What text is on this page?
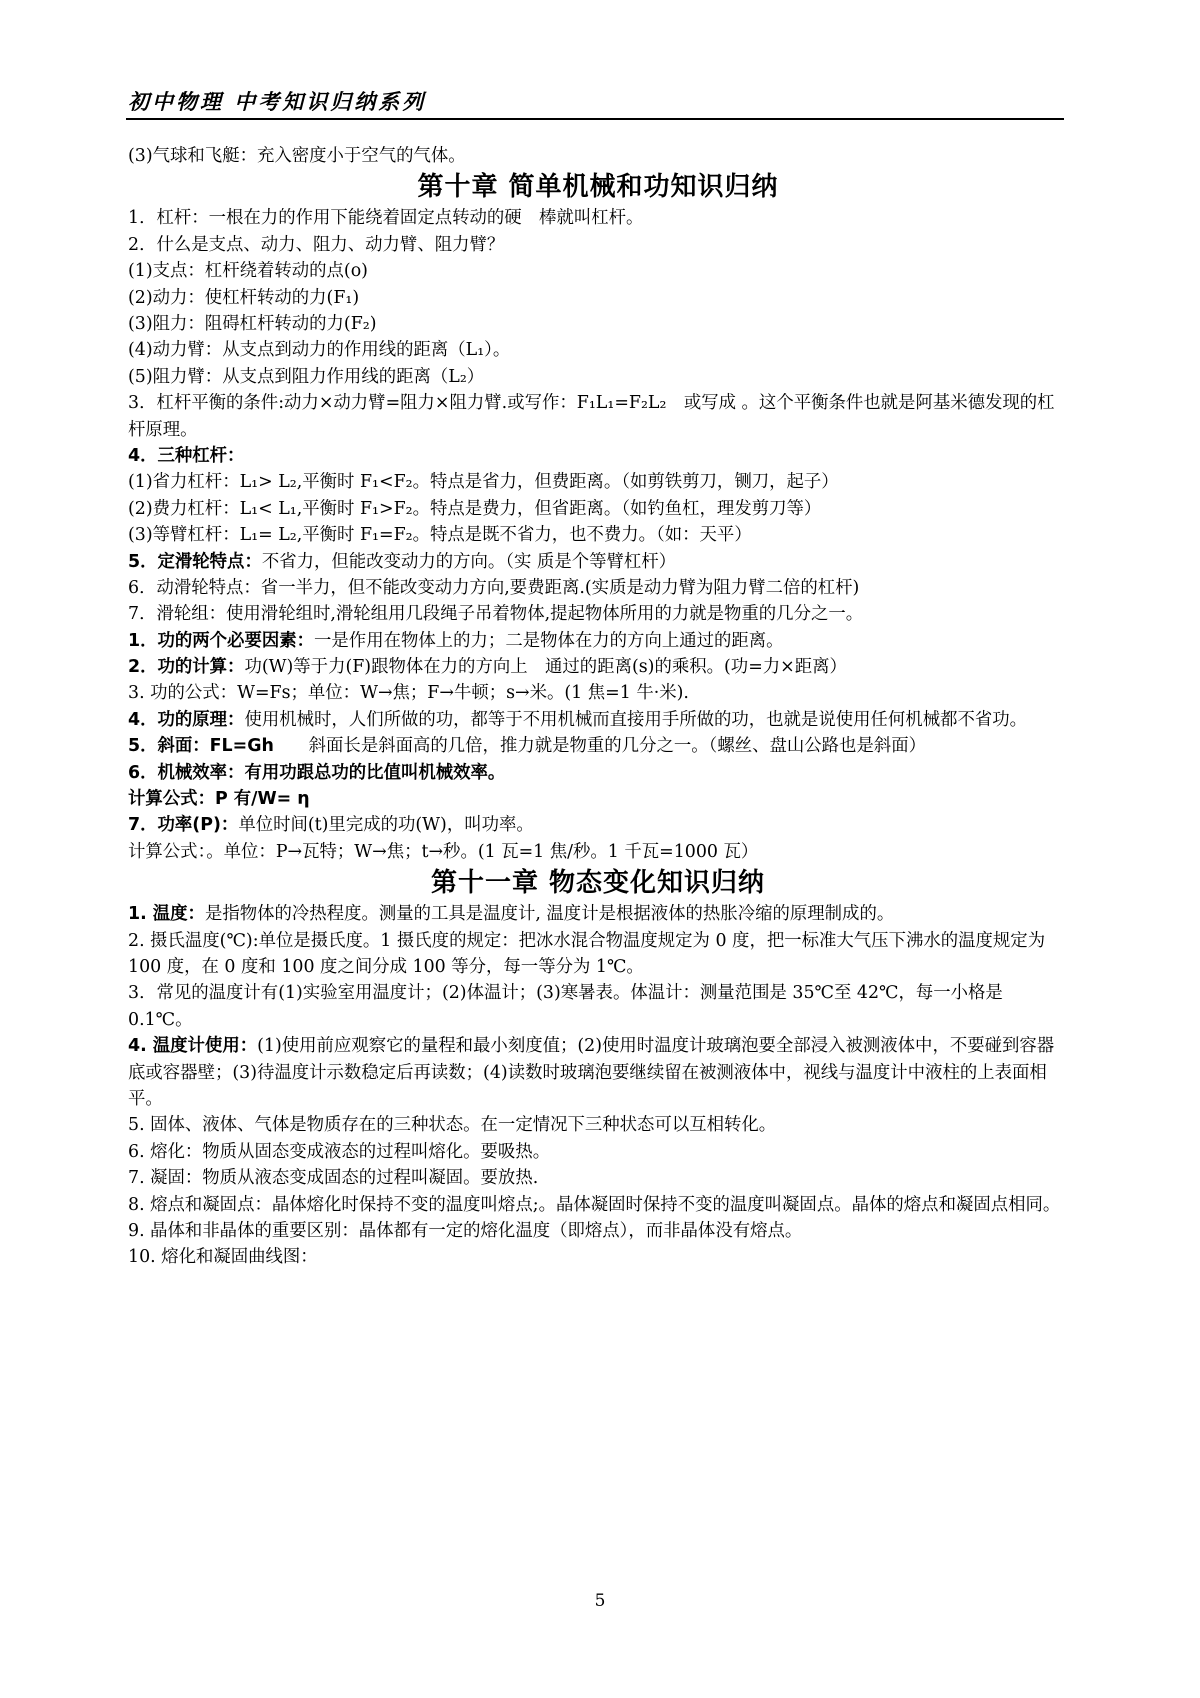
初中物理 中考知识归纳系列
(3)气球和飞艇：充入密度小于空气的气体。
第十章 简单机械和功知识归纳
1．杠杆：一根在力的作用下能绕着固定点转动的硬　棒就叫杠杆。
2．什么是支点、动力、阻力、动力臂、阻力臂？
(1)支点：杠杆绕着转动的点(o)
(2)动力：使杠杆转动的力(F₁)
(3)阻力：阻碍杠杆转动的力(F₂)
(4)动力臂：从支点到动力的作用线的距离（L₁）。
(5)阻力臂：从支点到阻力作用线的距离（L₂）
3．杠杆平衡的条件:动力×动力臂=阻力×阻力臂.或写作：F₁L₁=F₂L₂　或写成 。这个平衡条件也就是阿基米德发现的杠杆原理。
4．三种杠杆：
(1)省力杠杆：L₁> L₂,平衡时 F₁<F₂。特点是省力，但费距离。（如剪铁剪刀，铡刀，起子）
(2)费力杠杆：L₁< L₁,平衡时 F₁>F₂。特点是费力，但省距离。（如钓鱼杠，理发剪刀等）
(3)等臂杠杆：L₁= L₂,平衡时 F₁=F₂。特点是既不省力，也不费力。（如：天平）
5．定滑轮特点：不省力，但能改变动力的方向。（实 质是个等臂杠杆）
6．动滑轮特点：省一半力，但不能改变动力方向,要费距离.(实质是动力臂为阻力臂二倍的杠杆)
7．滑轮组：使用滑轮组时,滑轮组用几段绳子吊着物体,提起物体所用的力就是物重的几分之一。
1．功的两个必要因素：一是作用在物体上的力；二是物体在力的方向上通过的距离。
2．功的计算：功(W)等于力(F)跟物体在力的方向上　通过的距离(s)的乘积。(功=力×距离）
3. 功的公式：W=Fs；单位：W→焦；F→牛顿；s→米。(1 焦=1 牛·米).
4．功的原理：使用机械时，人们所做的功，都等于不用机械而直接用手所做的功，也就是说使用任何机械都不省功。
5．斜面：FL=Gh　　斜面长是斜面高的几倍，推力就是物重的几分之一。（螺丝、盘山公路也是斜面）
6．机械效率：有用功跟总功的比值叫机械效率。
计算公式：P 有/W= η
7．功率(P)：单位时间(t)里完成的功(W)，叫功率。
计算公式：。单位：P→瓦特；W→焦；t→秒。(1 瓦=1 焦/秒。1 千瓦=1000 瓦）
第十一章 物态变化知识归纳
1. 温度：是指物体的冷热程度。测量的工具是温度计, 温度计是根据液体的热胀冷缩的原理制成的。
2. 摄氏温度(℃):单位是摄氏度。1 摄氏度的规定：把冰水混合物温度规定为 0 度，把一标准大气压下沸水的温度规定为 100 度，在 0 度和 100 度之间分成 100 等分，每一等分为 1℃。
3．常见的温度计有(1)实验室用温度计；(2)体温计；(3)寒暑表。体温计：测量范围是 35℃至 42℃，每一小格是 0.1℃。
4. 温度计使用：(1)使用前应观察它的量程和最小刻度值；(2)使用时温度计玻璃泡要全部浸入被测液体中，不要碰到容器底或容器壁；(3)待温度计示数稳定后再读数；(4)读数时玻璃泡要继续留在被测液体中，视线与温度计中液柱的上表面相平。
5. 固体、液体、气体是物质存在的三种状态。在一定情况下三种状态可以互相转化。
6. 熔化：物质从固态变成液态的过程叫熔化。要吸热。
7. 凝固：物质从液态变成固态的过程叫凝固。要放热.
8. 熔点和凝固点：晶体熔化时保持不变的温度叫熔点;。晶体凝固时保持不变的温度叫凝固点。晶体的熔点和凝固点相同。
9. 晶体和非晶体的重要区别：晶体都有一定的熔化温度（即熔点），而非晶体没有熔点。
10. 熔化和凝固曲线图：
5
